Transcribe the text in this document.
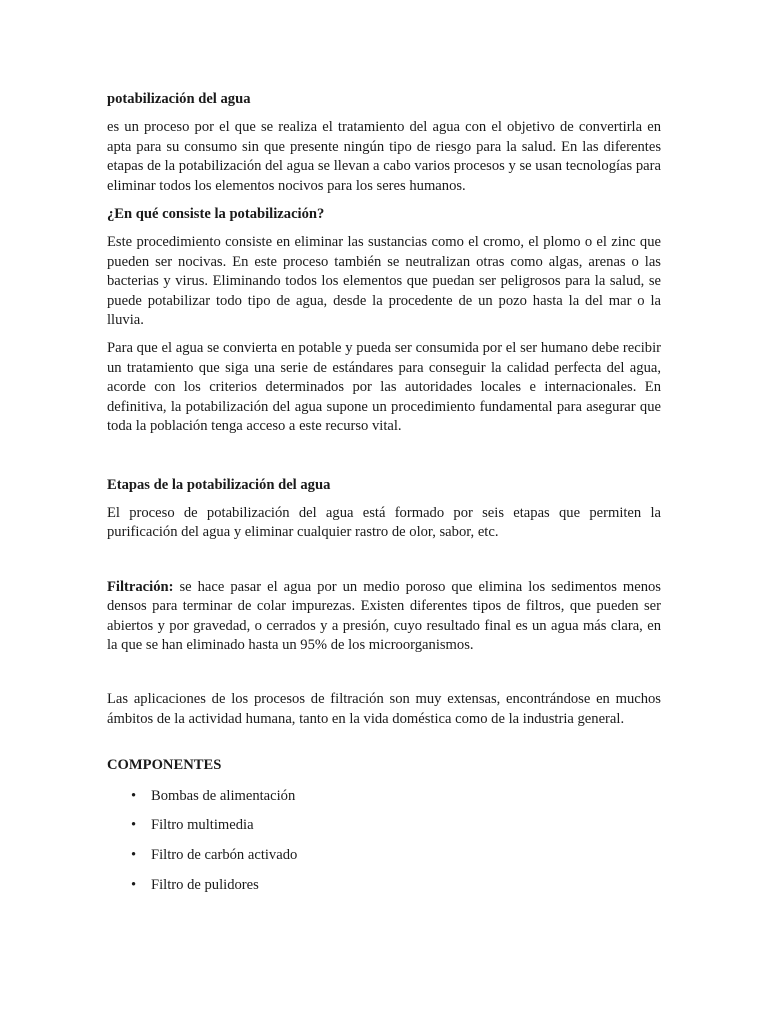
potabilización del agua

es un proceso por el que se realiza el tratamiento del agua con el objetivo de convertirla en apta para su consumo sin que presente ningún tipo de riesgo para la salud. En las diferentes etapas de la potabilización del agua se llevan a cabo varios procesos y se usan tecnologías para eliminar todos los elementos nocivos para los seres humanos.

¿En qué consiste la potabilización?

Este procedimiento consiste en eliminar las sustancias como el cromo, el plomo o el zinc que pueden ser nocivas. En este proceso también se neutralizan otras como algas, arenas o las bacterias y virus. Eliminando todos los elementos que puedan ser peligrosos para la salud, se puede potabilizar todo tipo de agua, desde la procedente de un pozo hasta la del mar o la lluvia.

Para que el agua se convierta en potable y pueda ser consumida por el ser humano debe recibir un tratamiento que siga una serie de estándares para conseguir la calidad perfecta del agua, acorde con los criterios determinados por las autoridades locales e internacionales. En definitiva, la potabilización del agua supone un procedimiento fundamental para asegurar que toda la población tenga acceso a este recurso vital.

Etapas de la potabilización del agua

El proceso de potabilización del agua está formado por seis etapas que permiten la purificación del agua y eliminar cualquier rastro de olor, sabor, etc.

Filtración: se hace pasar el agua por un medio poroso que elimina los sedimentos menos densos para terminar de colar impurezas. Existen diferentes tipos de filtros, que pueden ser abiertos y por gravedad, o cerrados y a presión, cuyo resultado final es un agua más clara, en la que se han eliminado hasta un 95% de los microorganismos.

Las aplicaciones de los procesos de filtración son muy extensas, encontrándose en muchos ámbitos de la actividad humana, tanto en la vida doméstica como de la industria general.

COMPONENTES
• Bombas de alimentación
• Filtro multimedia
• Filtro de carbón activado
• Filtro de pulidores
